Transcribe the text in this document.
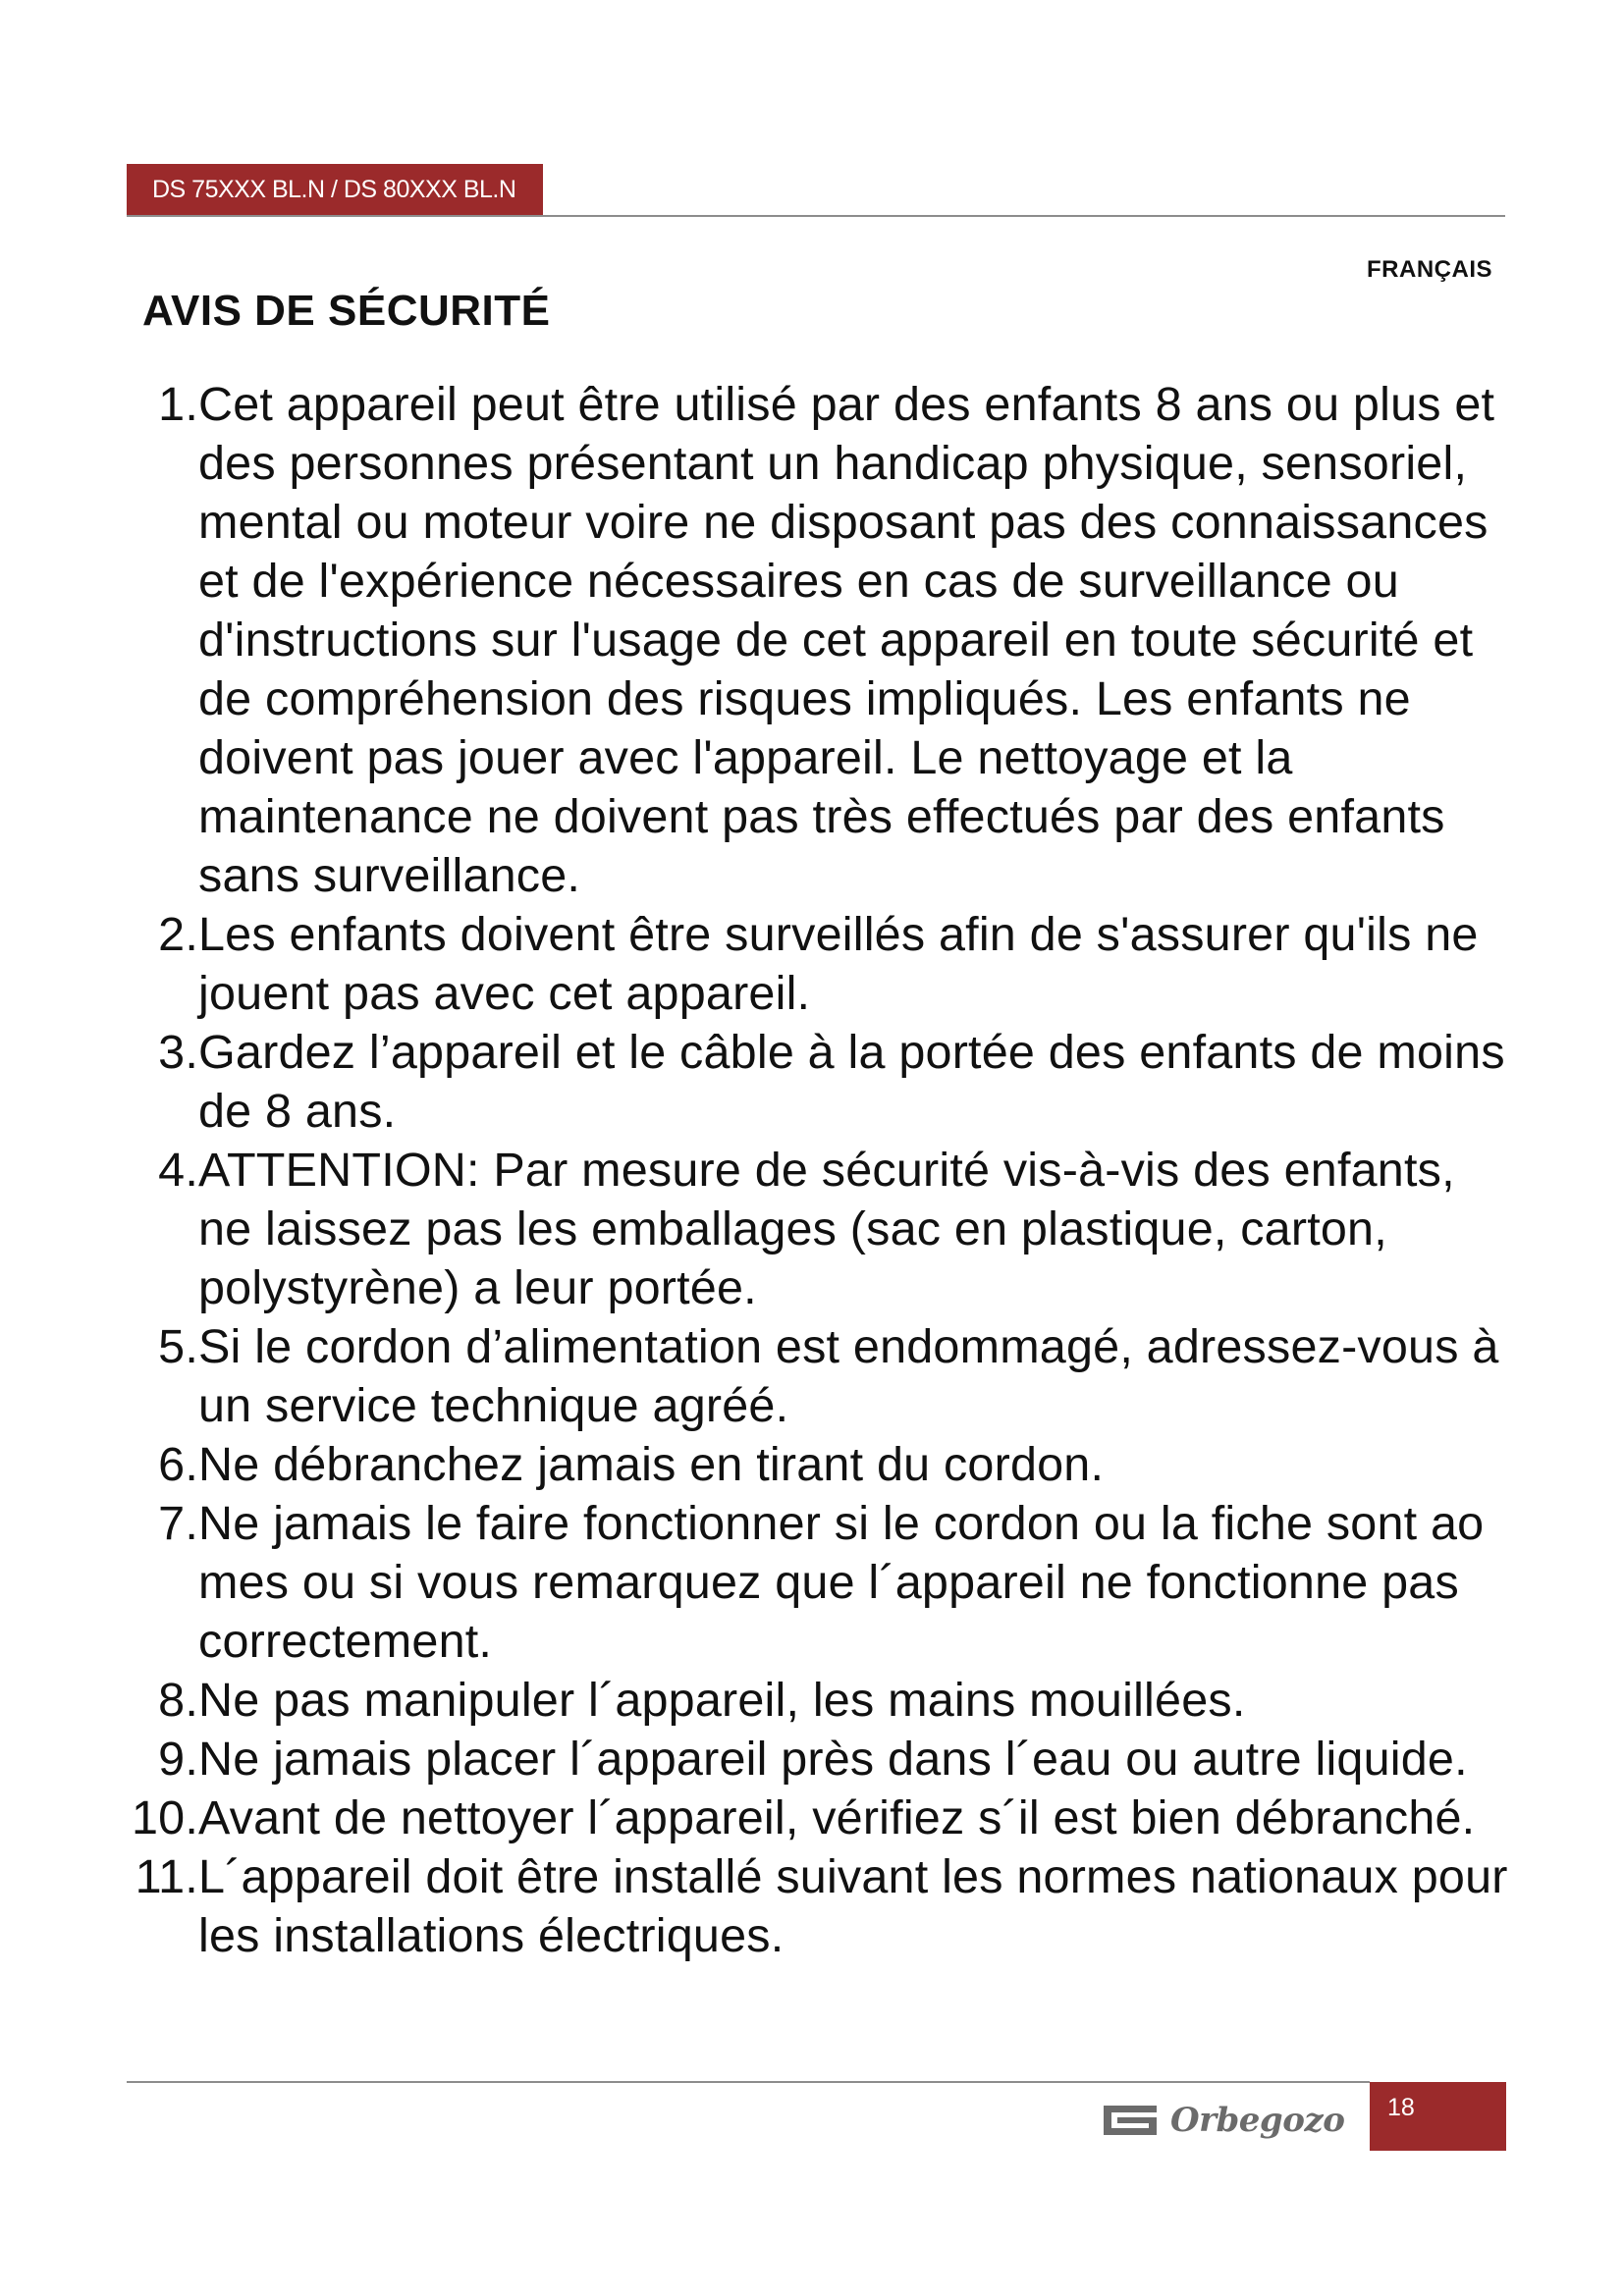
DS 75XXX BL.N / DS 80XXX BL.N
FRANÇAIS
AVIS DE SÉCURITÉ
1. Cet appareil peut être utilisé par des enfants 8 ans ou plus et des personnes présentant un handicap physique, sensoriel, mental ou moteur voire ne disposant pas des connaissances et de l'expérience nécessaires en cas de surveillance ou d'instructions sur l'usage de cet appareil en toute sécurité et de compréhension des risques impliqués. Les enfants ne doivent pas jouer avec l'appareil. Le nettoyage et la maintenance ne doivent pas très effectués par des enfants sans surveillance.
2. Les enfants doivent être surveillés afin de s'assurer qu'ils ne jouent pas avec cet appareil.
3. Gardez l’appareil et le câble à la portée des enfants de moins de 8 ans.
4. ATTENTION: Par mesure de sécurité vis-à-vis des enfants, ne laissez pas les emballages (sac en plastique, carton, polystyrène) a leur portée.
5. Si le cordon d’alimentation est endommagé, adressez-vous à un service technique agréé.
6. Ne débranchez jamais en tirant du cordon.
7. Ne jamais le faire fonctionner si le cordon ou la fiche sont ao mes ou si vous remarquez que l´appareil ne fonctionne pas correctement.
8. Ne pas manipuler l´appareil, les mains mouillées.
9. Ne jamais placer l´appareil près dans l´eau ou autre liquide.
10. Avant de nettoyer l´appareil, vérifiez s´il est bien débranché.
11. L´appareil doit être installé suivant les normes nationaux pour les installations électriques.
Orbegozo	18
